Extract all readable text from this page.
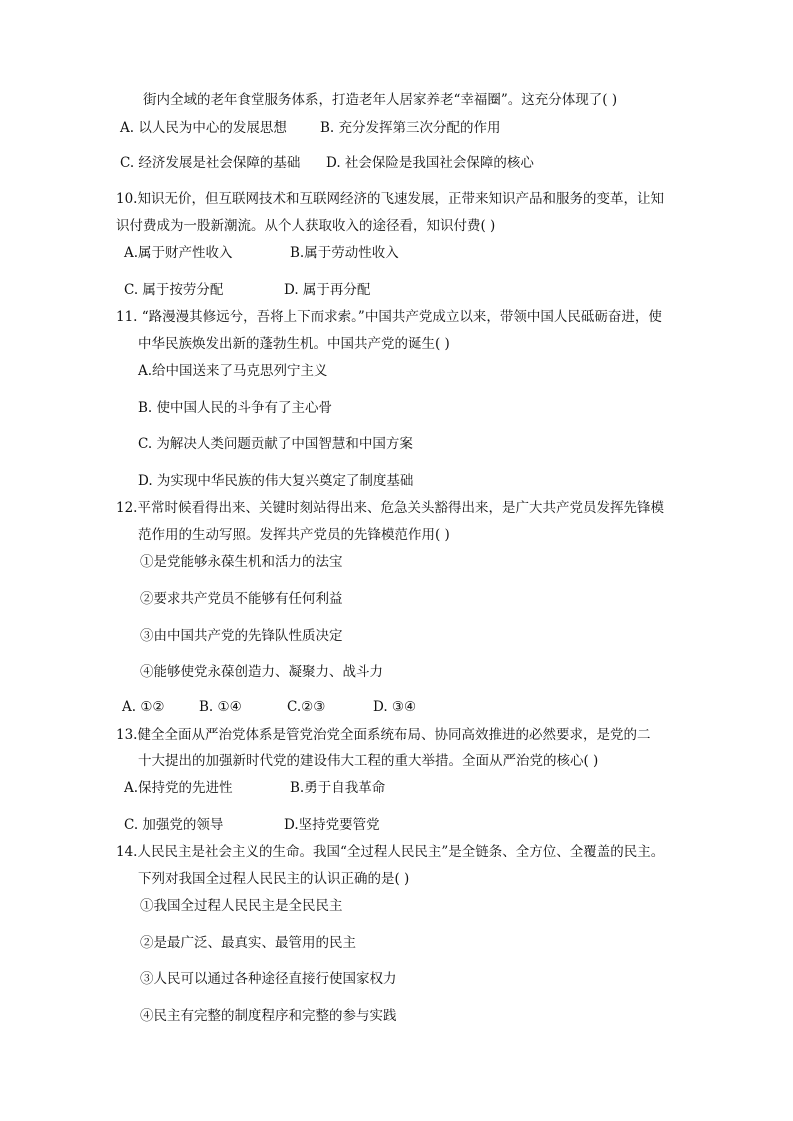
街内全域的老年食堂服务体系，打造老年人居家养老“幸福圈”。这充分体现了( )
A. 以人民为中心的发展思想 B. 充分发挥第三次分配的作用
C. 经济发展是社会保障的基础 D. 社会保险是我国社会保障的核心
10.知识无价，但互联网技术和互联网经济的飞速发展，正带来知识产品和服务的变革，让知
识付费成为一股新潮流。从个人获取收入的途径看，知识付费( )
A.属于财产性收入	B.属于劳动性收入
C. 属于按劳分配	D. 属于再分配
11. “路漫漫其修远兮，吾将上下而求索。”中国共产党成立以来，带领中国人民砥砺奋进，使
中华民族焕发出新的蓬勃生机。中国共产党的诞生( )
A.给中国送来了马克思列宁主义
B. 使中国人民的斗争有了主心骨
C. 为解决人类问题贡献了中国智慧和中国方案
D. 为实现中华民族的伟大复兴奠定了制度基础
12.平常时候看得出来、关键时刻站得出来、危急关头豁得出来，是广大共产党员发挥先锋模
范作用的生动写照。发挥共产党员的先锋模范作用( )
①是党能够永葆生机和活力的法宝
②要求共产党员不能够有任何利益
③由中国共产党的先锋队性质决定
④能够使党永葆创造力、凝聚力、战斗力
A. ①②	B. ①④	C.②③	D. ③④
13.健全全面从严治党体系是管党治党全面系统布局、协同高效推进的必然要求，是党的二
十大提出的加强新时代党的建设伟大工程的重大举措。全面从严治党的核心( )
A.保持党的先进性	B.勇于自我革命
C. 加强党的领导	D.坚持党要管党
14.人民民主是社会主义的生命。我国“全过程人民民主”是全链条、全方位、全覆盖的民主。
下列对我国全过程人民民主的认识正确的是( )
①我国全过程人民民主是全民民主
②是最广泛、最真实、最管用的民主
③人民可以通过各种途径直接行使国家权力
④民主有完整的制度程序和完整的参与实践
